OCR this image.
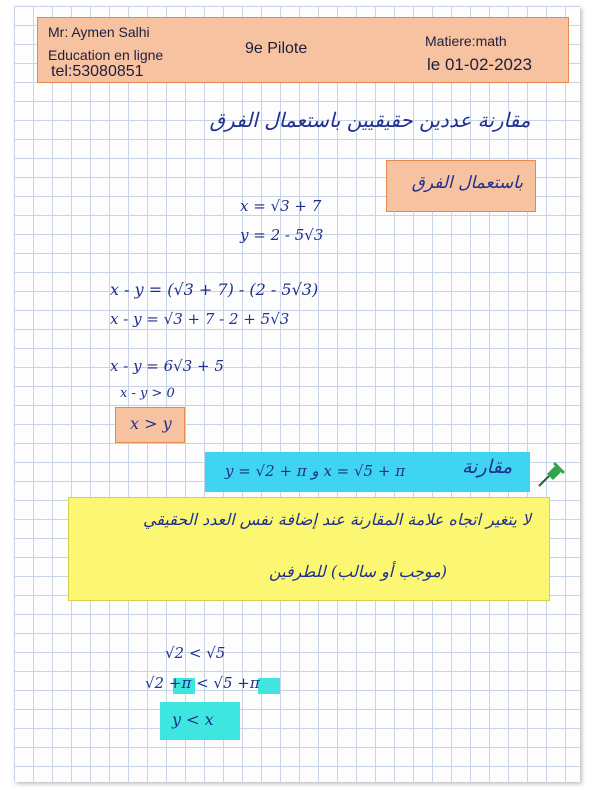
Mr: Aymen Salhi
Education en ligne
tel:53080851
9e Pilote	Matiere:math
le 01-02-2023
مقارنة عددين حقيقيين باستعمال الفرق
باستعمال الفرق
x = √3 + 7
y = 2 - 5√3
x - y = (√3 + 7) - (2 - 5√3)
x - y = √3 + 7 - 2 + 5√3
x - y = 6√3 + 5
x - y > 0
x > y
y = √2 + π و x = √5 + π	مقارنة
لا يتغير اتجاه علامة المقارنة عند إضافة نفس العدد الحقيقي
(موجب أو سالب) للطرفين
√2 < √5
√2 +π < √5 +π
y < x
